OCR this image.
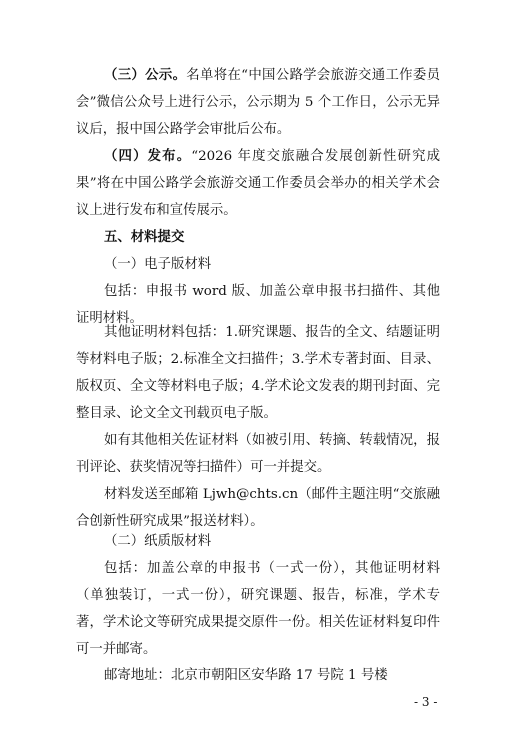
（三）公示。名单将在“中国公路学会旅游交通工作委员会”微信公众号上进行公示，公示期为 5 个工作日，公示无异议后，报中国公路学会审批后公布。

（四）发布。“2026 年度交旅融合发展创新性研究成果”将在中国公路学会旅游交通工作委员会举办的相关学术会议上进行发布和宣传展示。

五、材料提交

（一）电子版材料

包括：申报书 word 版、加盖公章申报书扫描件、其他证明材料。

其他证明材料包括：1.研究课题、报告的全文、结题证明等材料电子版；2.标准全文扫描件；3.学术专著封面、目录、版权页、全文等材料电子版；4.学术论文发表的期刊封面、完整目录、论文全文刊载页电子版。

如有其他相关佐证材料（如被引用、转摘、转载情况，报刊评论、获奖情况等扫描件）可一并提交。

材料发送至邮箱 Ljwh@chts.cn（邮件主题注明“交旅融合创新性研究成果”报送材料）。

（二）纸质版材料

包括：加盖公章的申报书（一式一份），其他证明材料（单独装订，一式一份），研究课题、报告，标准，学术专著，学术论文等研究成果提交原件一份。相关佐证材料复印件可一并邮寄。

邮寄地址：北京市朝阳区安华路 17 号院 1 号楼

- 3 -
